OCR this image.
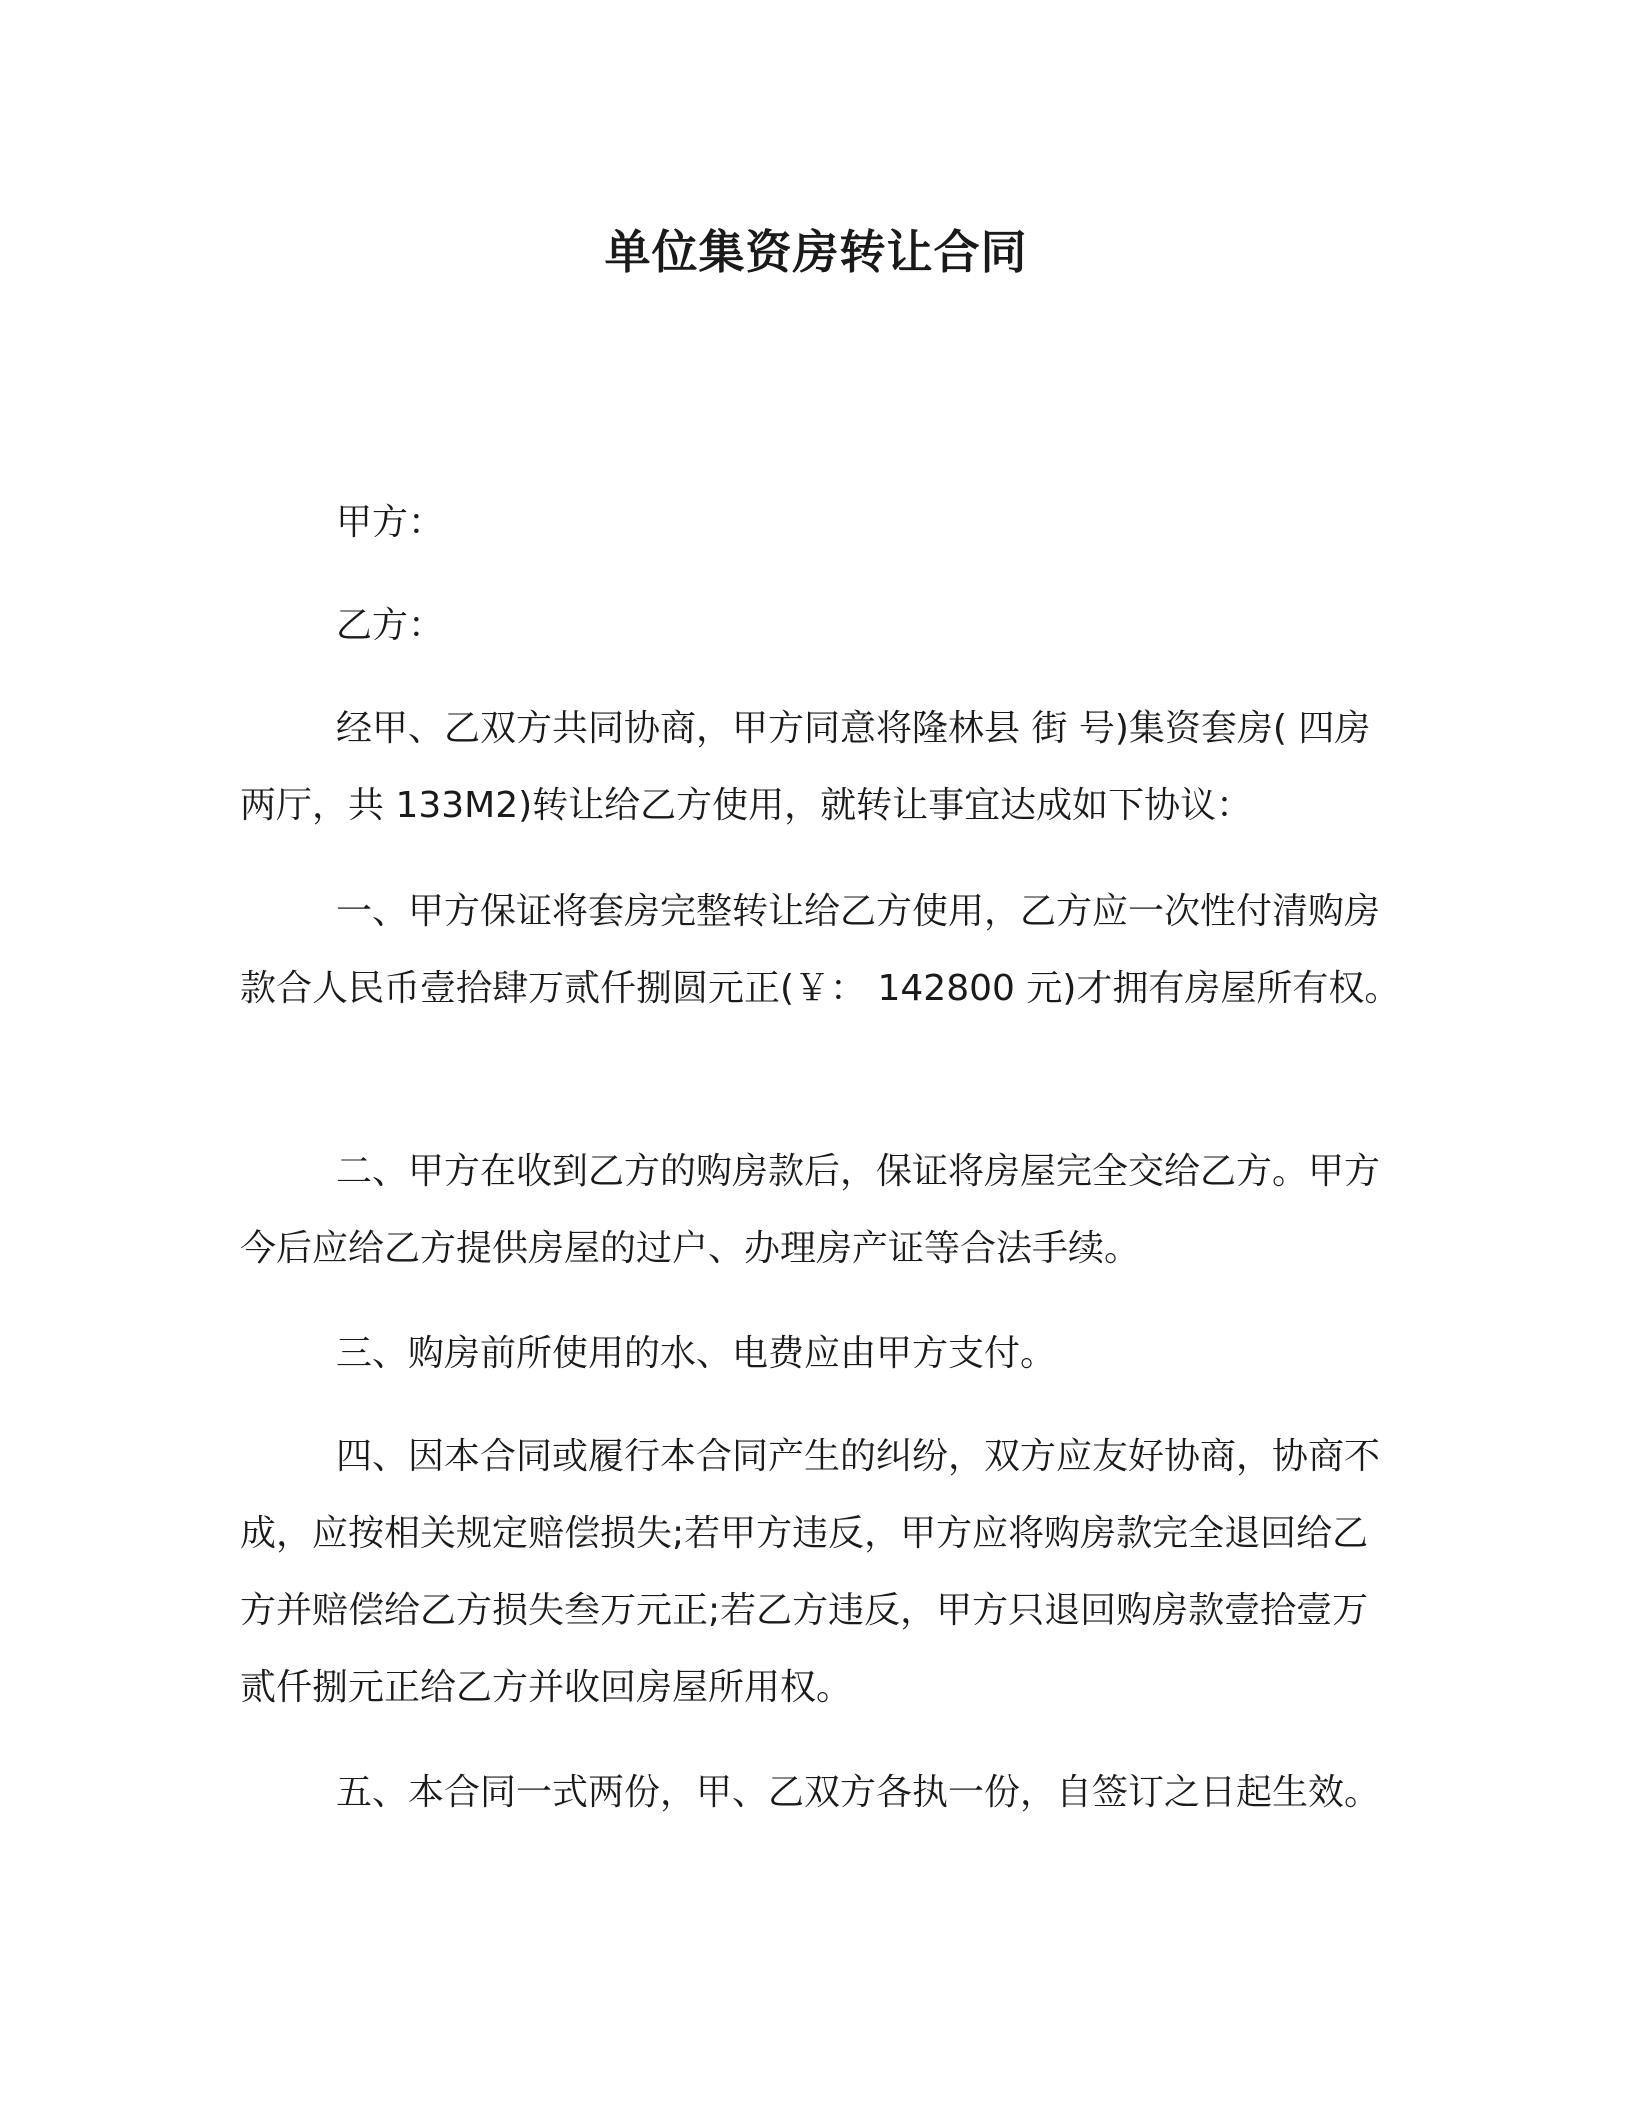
单位集资房转让合同

甲方：

乙方：

经甲、乙双方共同协商，甲方同意将隆林县 街 号)集资套房( 四房两厅，共 133M2)转让给乙方使用，就转让事宜达成如下协议：

一、甲方保证将套房完整转让给乙方使用，乙方应一次性付清购房款合人民币壹拾肆万贰仟捌圆元正(￥： 142800 元)才拥有房屋所有权。

二、甲方在收到乙方的购房款后，保证将房屋完全交给乙方。甲方今后应给乙方提供房屋的过户、办理房产证等合法手续。

三、购房前所使用的水、电费应由甲方支付。

四、因本合同或履行本合同产生的纠纷，双方应友好协商，协商不成，应按相关规定赔偿损失;若甲方违反，甲方应将购房款完全退回给乙方并赔偿给乙方损失叁万元正;若乙方违反，甲方只退回购房款壹拾壹万贰仟捌元正给乙方并收回房屋所用权。

五、本合同一式两份，甲、乙双方各执一份，自签订之日起生效。
